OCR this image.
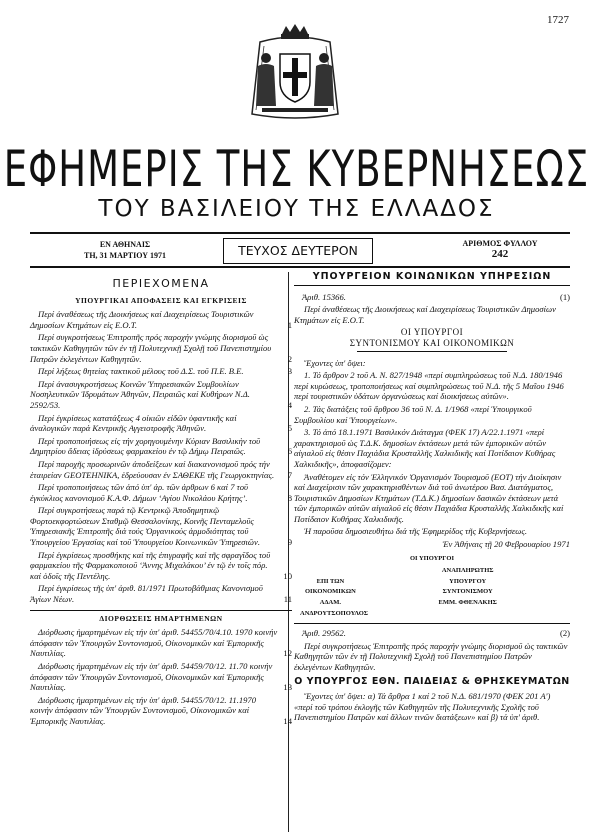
1727
ΕΦΗΜΕΡΙΣ ΤΗΣ ΚΥΒΕΡΝΗΣΕΩΣ
ΤΟΥ ΒΑΣΙΛΕΙΟΥ ΤΗΣ ΕΛΛΑΔΟΣ
ΕΝ ΑΘΗΝΑΙΣ
ΤΗ, 31 ΜΑΡΤΙΟΥ 1971	ΤΕΥΧΟΣ ΔΕΥΤΕΡΟΝ	ΑΡΙΘΜΟΣ ΦΥΛΛΟΥ
242
ΠΕΡΙΕΧΟΜΕΝΑ
ΥΠΟΥΡΓΙΚΑΙ ΑΠΟΦΑΣΕΙΣ ΚΑΙ ΕΓΚΡΙΣΕΙΣ
Περί ἀναθέσεως τῆς Διοικήσεως καί Διαχειρίσεως Τουριστικῶν Δημοσίων Κτημάτων εἰς Ε.Ο.Τ.	1
Περί συγκροτήσεως Ἐπιτροπῆς πρός παροχήν γνώμης διορισμοῦ ὡς τακτικῶν Καθηγητῶν τῶν ἐν τῇ Πολυτεχνικῇ Σχολῇ τοῦ Πανεπιστημίου Πατρῶν ἐκλεγέντων Καθηγητῶν.	2
Περί λήξεως θητείας τακτικοῦ μέλους τοῦ Δ.Σ. τοῦ Π.Ε. Β.Ε.	3
Περί ἀνασυγκροτήσεως Κοινῶν Ὑπηρεσιακῶν Συμβουλίων Νοσηλευτικῶν Ἱδρυμάτων Ἀθηνῶν, Πειραιῶς καί Κυθήρων Ν.Δ. 2592/53.	4
Περί ἐγκρίσεως κατατάξεως 4 οἰκιῶν εἰδῶν ὑφαντικῆς καί ἀναλογικῶν παρά Κεντρικῆς Αγγειοτροφῆς Ἀθηνῶν.	5
Περί τροποποιήσεως εἰς τήν χορηγουμένην Κύριαν Βασιλικὴν τοῦ Δημητρίου ἄδειας ἱδρύσεως φαρμακείου ἐν τῷ Δήμῳ Πειραιῶς.	6
Περί παροχῆς προσωρινῶν ἀποδείξεων καί διακανονισμοῦ πρός τήν ἑταιρείαν GEOTEHNIKA, ἑδρεύουσαν ἐν ΣΑΘΕΚΕ τῆς Γεωργοκτηνίας.	7
Περί τροποποιήσεως τῶν ἀπό ὑπ' ἀρ. τῶν ἀρθρων 6 καί 7 τοῦ ἐγκύκλιος κανονισμοῦ Κ.Α.Φ. Δήμων ‘Αγίου Νικολάου Κρήτης’.	8
Περί συγκροτήσεως παρά τῷ Κεντρικῷ Ἀποδημητικῷ Φορτοεκφορτώσεων Σταθμῷ Θεσσαλονίκης, Κοινῆς Πενταμελοῦς Ὑπηρεσιακῆς Ἐπιτροπῆς διά τούς Ὀργανικούς ἀρμοδιότητας τοῦ Ὑπουργείου Ἐργασίας καί τοῦ Ὑπουργείου Κοινωνικῶν Ὑπηρεσιῶν.	9
Περί ἐγκρίσεως προσθήκης καί τῆς ἐπιγραφῆς καί τῆς σφραγῖδος τοῦ φαρμακείου τῆς Φαρμακοποιοῦ ‘Ἀννης Μιχαλάκου’ ἐν τῷ ἐν τοῖς πόρ. καί ὁδοῖς τῆς Πεντέλης.	10
Περί ἐγκρίσεως τῆς ὑπ' ἀριθ. 81/1971 Πρωτοβάθμιας Κανονισμοῦ Ἀγίων Νέων.	11
ΔΙΟΡΘΩΣΕΙΣ ΗΜΑΡΤΗΜΕΝΩΝ
Διόρθωσις ἡμαρτημένων εἰς τήν ὑπ' ἀριθ. 54455/70/4.10. 1970 κοινήν ἀπόφασιν τῶν Ὑπουργῶν Συντονισμοῦ, Οἰκονομικῶν καί Ἐμπορικῆς Ναυτιλίας.	12
Διόρθωσις ἡμαρτημένων εἰς τήν ὑπ' ἀριθ. 54459/70/12. 11.70 κοινήν ἀπόφασιν τῶν Ὑπουργῶν Συντονισμοῦ, Οἰκονομικῶν καί Ἐμπορικῆς Ναυτιλίας.	13
Διόρθωσις ἡμαρτημένων εἰς τήν ὑπ' ἀριθ. 54455/70/12. 11.1970 κοινήν ἀπόφασιν τῶν Ὑπουργῶν Συντονισμοῦ, Οἰκονομικῶν καί Ἐμπορικῆς Ναυτιλίας.	14
ΥΠΟΥΡΓΕΙΟΝ ΚΟΙΝΩΝΙΚΩΝ ΥΠΗΡΕΣΙΩΝ
Ἀριθ. 15366.	(1)
Περί ἀναθέσεως τῆς Διοικήσεως καί Διαχειρίσεως Τουριστικῶν Δημοσίων Κτημάτων εἰς Ε.Ο.Τ.
ΟΙ ΥΠΟΥΡΓΟΙ
ΣΥΝΤΟΝΙΣΜΟΥ ΚΑΙ ΟΙΚΟΝΟΜΙΚΩΝ
Ἔχοντες ὑπ' ὄψει:
1. Τό ἄρθρον 2 τοῦ Α. Ν. 827/1948 «περί συμπληρώσεως τοῦ Ν.Δ. 180/1946 περί κυρώσεως, τροποποιήσεως καί συμπληρώσεως τοῦ Ν.Δ. τῆς 5 Μαΐου 1946 περί τουριστικῶν ὑδάτων ὀργανώσεως καί διοικήσεως αὐτῶν».
2. Τάς διατάξεις τοῦ ἄρθρου 36 τοῦ Ν. Δ. 1/1968 «περί Ὑπουργικοῦ Συμβουλίου καί Ὑπουργείων».
3. Τό ἀπό 18.1.1971 Βασιλικόν Διάταγμα (ΦΕΚ 17) Α/22.1.1971 «περί χαρακτηρισμοῦ ὡς Τ.Δ.Κ. δημοσίων ἐκτάσεων μετά τῶν ἐμπορικῶν αὐτῶν αἰγιαλοῦ εἰς θέσιν Παχιάδια Κρυσταλλῆς Χαλκιδικῆς καί Ποτίδαιον Κυθήρας Χαλκιδικῆς», ἀποφασίζομεν:
Ἀναθέτομεν εἰς τόν Ἑλληνικόν Ὀργανισμόν Τουρισμοῦ (ΕΟΤ) τήν Διοίκησιν καί Διαχείρισιν τῶν χαρακτηρισθέντων διά τοῦ ἀνωτέρου Βασ. Διατάγματος, Τουριστικῶν Δημοσίων Κτημάτων (Τ.Δ.Κ.) δημοσίων δασικῶν ἐκτάσεων μετά τῶν ἐμπορικῶν αὐτῶν αἰγιαλοῦ εἰς θέσιν Παχιάδια Κρυσταλλῆς Χαλκιδικῆς καί Ποτίδαιον Κυθήρας Χαλκιδικῆς.
Ἡ παροῦσα δημοσιευθήτω διά τῆς Ἐφημερίδος τῆς Κυβερνήσεως.
Ἐν Ἀθήναις τῇ 20 Φεβρουαρίου 1971
ΟΙ ΥΠΟΥΡΓΟΙ

ΕΠΙ ΤΩΝ ΟΙΚΟΝΟΜΙΚΩΝ
ΑΔΑΜ. ΑΝΔΡΟΥΤΣΟΠΟΥΛΟΣ
ΑΝΑΠΛΗΡΩΤΗΣ
ΥΠΟΥΡΓΟΥ ΣΥΝΤΟΝΙΣΜΟΥ
ΕΜΜ. ΦΘΕΝΑΚΗΣ
Ἀριθ. 29562.	(2)
Περί συγκροτήσεως Ἐπιτροπῆς πρός παροχήν γνώμης διορισμοῦ ὡς τακτικῶν Καθηγητῶν τῶν ἐν τῇ Πολυτεχνικῇ Σχολῇ τοῦ Πανεπιστημίου Πατρῶν ἐκλεγέντων Καθηγητῶν.
Ο ΥΠΟΥΡΓΟΣ ΕΘΝ. ΠΑΙΔΕΙΑΣ & ΘΡΗΣΚΕΥΜΑΤΩΝ
Ἔχοντες ὑπ' ὄψει: α) Τά ἄρθρα 1 καί 2 τοῦ Ν.Δ. 681/1970 (ΦΕΚ 201 Α') «περί τοῦ τρόπου ἐκλογῆς τῶν Καθηγητῶν τῆς Πολυτεχνικῆς Σχολῆς τοῦ Πανεπιστημίου Πατρῶν καί ἄλλων τινῶν διατάξεων» καί β) τά ὑπ' ἀριθ.
